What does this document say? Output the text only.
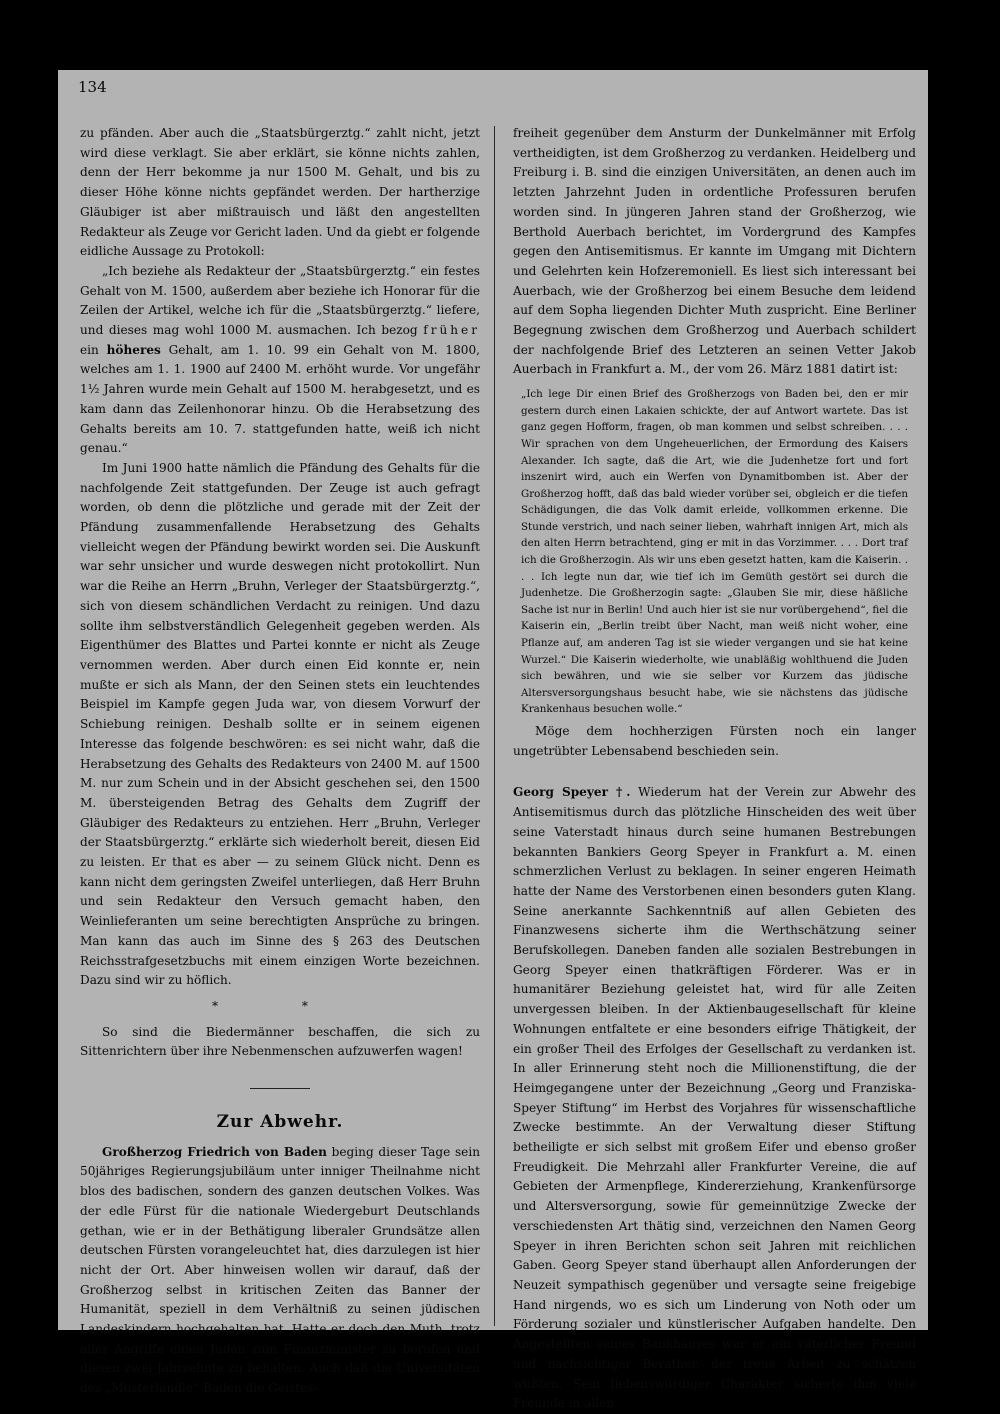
134

zu pfänden. Aber auch die „Staatsbürgerztg.“ zahlt nicht, jetzt wird diese verklagt. Sie aber erklärt, sie könne nichts zahlen, denn der Herr bekomme ja nur 1500 M. Gehalt, und bis zu dieser Höhe könne nichts gepfändet werden. Der hartherzige Gläubiger ist aber mißtrauisch und läßt den angestellten Redakteur als Zeuge vor Gericht laden. Und da giebt er folgende eidliche Aussage zu Protokoll:

„Ich beziehe als Redakteur der „Staatsbürgerztg.“ ein festes Gehalt von M. 1500, außerdem aber beziehe ich Honorar für die Zeilen der Artikel, welche ich für die „Staatsbürgerztg.“ liefere, und dieses mag wohl 1000 M. ausmachen. Ich bezog früher ein höheres Gehalt, am 1. 10. 99 ein Gehalt von M. 1800, welches am 1. 1. 1900 auf 2400 M. erhöht wurde. Vor ungefähr 1½ Jahren wurde mein Gehalt auf 1500 M. herabgesetzt, und es kam dann das Zeilenhonorar hinzu. Ob die Herabsetzung des Gehalts bereits am 10. 7. stattgefunden hatte, weiß ich nicht genau.“

Im Juni 1900 hatte nämlich die Pfändung des Gehalts für die nachfolgende Zeit stattgefunden. Der Zeuge ist auch gefragt worden, ob denn die plötzliche und gerade mit der Zeit der Pfändung zusammenfallende Herabsetzung des Gehalts vielleicht wegen der Pfändung bewirkt worden sei. Die Auskunft war sehr unsicher und wurde deswegen nicht protokollirt. Nun war die Reihe an Herrn „Bruhn, Verleger der Staatsbürgerztg.“, sich von diesem schändlichen Verdacht zu reinigen. Und dazu sollte ihm selbstverständlich Gelegenheit gegeben werden. Als Eigenthümer des Blattes und Partei konnte er nicht als Zeuge vernommen werden. Aber durch einen Eid konnte er, nein mußte er sich als Mann, der den Seinen stets ein leuchtendes Beispiel im Kampfe gegen Juda war, von diesem Vorwurf der Schiebung reinigen. Deshalb sollte er in seinem eigenen Interesse das folgende beschwören: es sei nicht wahr, daß die Herabsetzung des Gehalts des Redakteurs von 2400 M. auf 1500 M. nur zum Schein und in der Absicht geschehen sei, den 1500 M. übersteigenden Betrag des Gehalts dem Zugriff der Gläubiger des Redakteurs zu entziehen. Herr „Bruhn, Verleger der Staatsbürgerztg.“ erklärte sich wiederholt bereit, diesen Eid zu leisten. Er that es aber — zu seinem Glück nicht. Denn es kann nicht dem geringsten Zweifel unterliegen, daß Herr Bruhn und sein Redakteur den Versuch gemacht haben, den Weinlieferanten um seine berechtigten Ansprüche zu bringen. Man kann das auch im Sinne des § 263 des Deutschen Reichsstrafgesetzbuchs mit einem einzigen Worte bezeichnen. Dazu sind wir zu höflich.

* *

So sind die Biedermänner beschaffen, die sich zu Sittenrichtern über ihre Nebenmenschen aufzuwerfen wagen!

Zur Abwehr.

Großherzog Friedrich von Baden beging dieser Tage sein 50jähriges Regierungsjubiläum unter inniger Theilnahme nicht blos des badischen, sondern des ganzen deutschen Volkes. Was der edle Fürst für die nationale Wiedergeburt Deutschlands gethan, wie er in der Bethätigung liberaler Grundsätze allen deutschen Fürsten vorangeleuchtet hat, dies darzulegen ist hier nicht der Ort. Aber hinweisen wollen wir darauf, daß der Großherzog selbst in kritischen Zeiten das Banner der Humanität, speziell in dem Verhältniß zu seinen jüdischen Landeskindern hochgehalten hat. Hatte er doch den Muth, trotz aller Angriffe einen Juden zum Finanzminister zu berufen und diesen zwei Jahrzehnte zu behalten. Auch daß die Universitäten des „Musterländle“ Baden die Geistes-

freiheit gegenüber dem Ansturm der Dunkelmänner mit Erfolg vertheidigten, ist dem Großherzog zu verdanken. Heidelberg und Freiburg i. B. sind die einzigen Universitäten, an denen auch im letzten Jahrzehnt Juden in ordentliche Professuren berufen worden sind. In jüngeren Jahren stand der Großherzog, wie Berthold Auerbach berichtet, im Vordergrund des Kampfes gegen den Antisemitismus. Er kannte im Umgang mit Dichtern und Gelehrten kein Hofzeremoniell. Es liest sich interessant bei Auerbach, wie der Großherzog bei einem Besuche dem leidend auf dem Sopha liegenden Dichter Muth zuspricht. Eine Berliner Begegnung zwischen dem Großherzog und Auerbach schildert der nachfolgende Brief des Letzteren an seinen Vetter Jakob Auerbach in Frankfurt a. M., der vom 26. März 1881 datirt ist:

„Ich lege Dir einen Brief des Großherzogs von Baden bei, den er mir gestern durch einen Lakaien schickte, der auf Antwort wartete. Das ist ganz gegen Hofform, fragen, ob man kommen und selbst schreiben. . . . Wir sprachen von dem Ungeheuerlichen, der Ermordung des Kaisers Alexander. Ich sagte, daß die Art, wie die Judenhetze fort und fort inszenirt wird, auch ein Werfen von Dynamitbomben ist. Aber der Großherzog hofft, daß das bald wieder vorüber sei, obgleich er die tiefen Schädigungen, die das Volk damit erleide, vollkommen erkenne. Die Stunde verstrich, und nach seiner lieben, wahrhaft innigen Art, mich als den alten Herrn betrachtend, ging er mit in das Vorzimmer. . . . Dort traf ich die Großherzogin. Als wir uns eben gesetzt hatten, kam die Kaiserin. . . . Ich legte nun dar, wie tief ich im Gemüth gestört sei durch die Judenhetze. Die Großherzogin sagte: „Glauben Sie mir, diese häßliche Sache ist nur in Berlin! Und auch hier ist sie nur vorübergehend“, fiel die Kaiserin ein, „Berlin treibt über Nacht, man weiß nicht woher, eine Pflanze auf, am anderen Tag ist sie wieder vergangen und sie hat keine Wurzel.“ Die Kaiserin wiederholte, wie unabläßig wohlthuend die Juden sich bewähren, und wie sie selber vor Kurzem das jüdische Altersversorgungshaus besucht habe, wie sie nächstens das jüdische Krankenhaus besuchen wolle.“

Möge dem hochherzigen Fürsten noch ein langer ungetrübter Lebensabend beschieden sein.

Georg Speyer †. Wiederum hat der Verein zur Abwehr des Antisemitismus durch das plötzliche Hinscheiden des weit über seine Vaterstadt hinaus durch seine humanen Bestrebungen bekannten Bankiers Georg Speyer in Frankfurt a. M. einen schmerzlichen Verlust zu beklagen. In seiner engeren Heimath hatte der Name des Verstorbenen einen besonders guten Klang. Seine anerkannte Sachkenntniß auf allen Gebieten des Finanzwesens sicherte ihm die Werthschätzung seiner Berufskollegen. Daneben fanden alle sozialen Bestrebungen in Georg Speyer einen thatkräftigen Förderer. Was er in humanitärer Beziehung geleistet hat, wird für alle Zeiten unvergessen bleiben. In der Aktienbaugesellschaft für kleine Wohnungen entfaltete er eine besonders eifrige Thätigkeit, der ein großer Theil des Erfolges der Gesellschaft zu verdanken ist. In aller Erinnerung steht noch die Millionenstiftung, die der Heimgegangene unter der Bezeichnung „Georg und Franziska-Speyer Stiftung“ im Herbst des Vorjahres für wissenschaftliche Zwecke bestimmte. An der Verwaltung dieser Stiftung betheiligte er sich selbst mit großem Eifer und ebenso großer Freudigkeit. Die Mehrzahl aller Frankfurter Vereine, die auf Gebieten der Armenpflege, Kindererziehung, Krankenfürsorge und Altersversorgung, sowie für gemeinnützige Zwecke der verschiedensten Art thätig sind, verzeichnen den Namen Georg Speyer in ihren Berichten schon seit Jahren mit reichlichen Gaben. Georg Speyer stand überhaupt allen Anforderungen der Neuzeit sympathisch gegenüber und versagte seine freigebige Hand nirgends, wo es sich um Linderung von Noth oder um Förderung sozialer und künstlerischer Aufgaben handelte. Den Angestellten seines Bankhauses war er ein väterlicher Freund und nachsichtiger Berather, der treue Arbeit zu schätzen wußten. Sein liebenswürdiger Charakter sicherte ihm viele Freunde in allen
